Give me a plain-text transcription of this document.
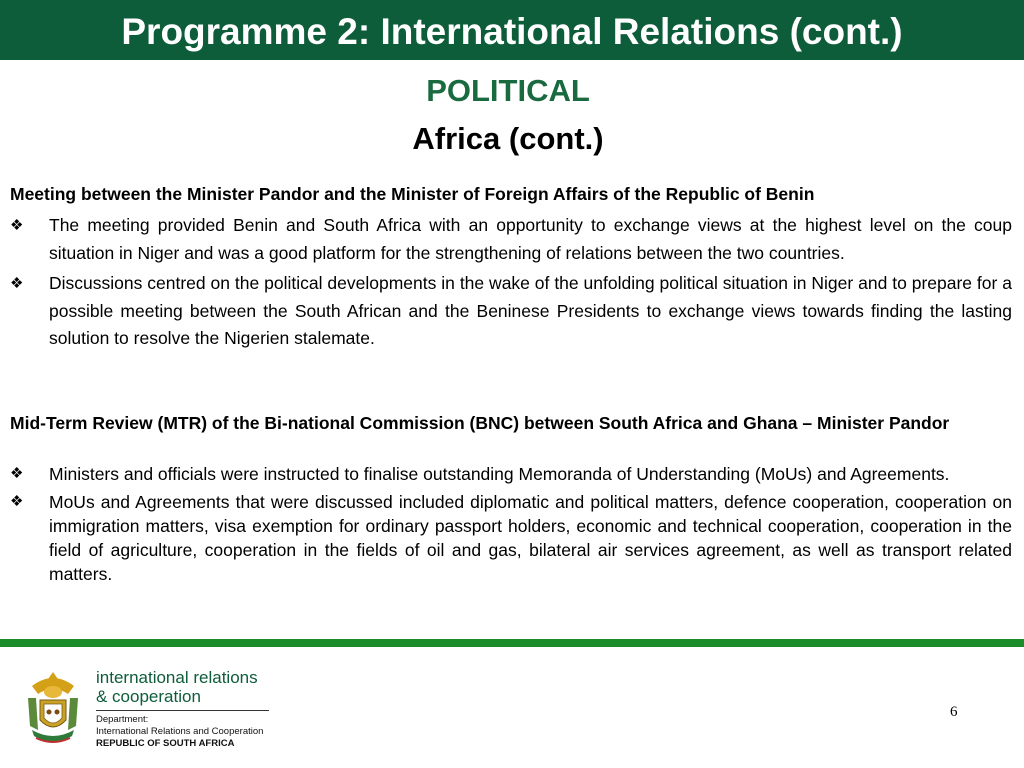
Programme 2: International Relations (cont.)
POLITICAL
Africa (cont.)

Meeting between the Minister Pandor and the Minister of Foreign Affairs of the Republic of Benin

❖ The meeting provided Benin and South Africa with an opportunity to exchange views at the highest level on the coup situation in Niger and was a good platform for the strengthening of relations between the two countries.
❖ Discussions centred on the political developments in the wake of the unfolding political situation in Niger and to prepare for a possible meeting between the South African and the Beninese Presidents to exchange views towards finding the lasting solution to resolve the Nigerien stalemate.

Mid-Term Review (MTR) of the Bi-national Commission (BNC) between South Africa and Ghana – Minister Pandor

❖ Ministers and officials were instructed to finalise outstanding Memoranda of Understanding (MoUs) and Agreements.
❖ MoUs and Agreements that were discussed included diplomatic and political matters, defence cooperation, cooperation on immigration matters, visa exemption for ordinary passport holders, economic and technical cooperation, cooperation in the field of agriculture, cooperation in the fields of oil and gas, bilateral air services agreement, as well as transport related matters.
international relations
& cooperation
Department:
International Relations and Cooperation
REPUBLIC OF SOUTH AFRICA
6
